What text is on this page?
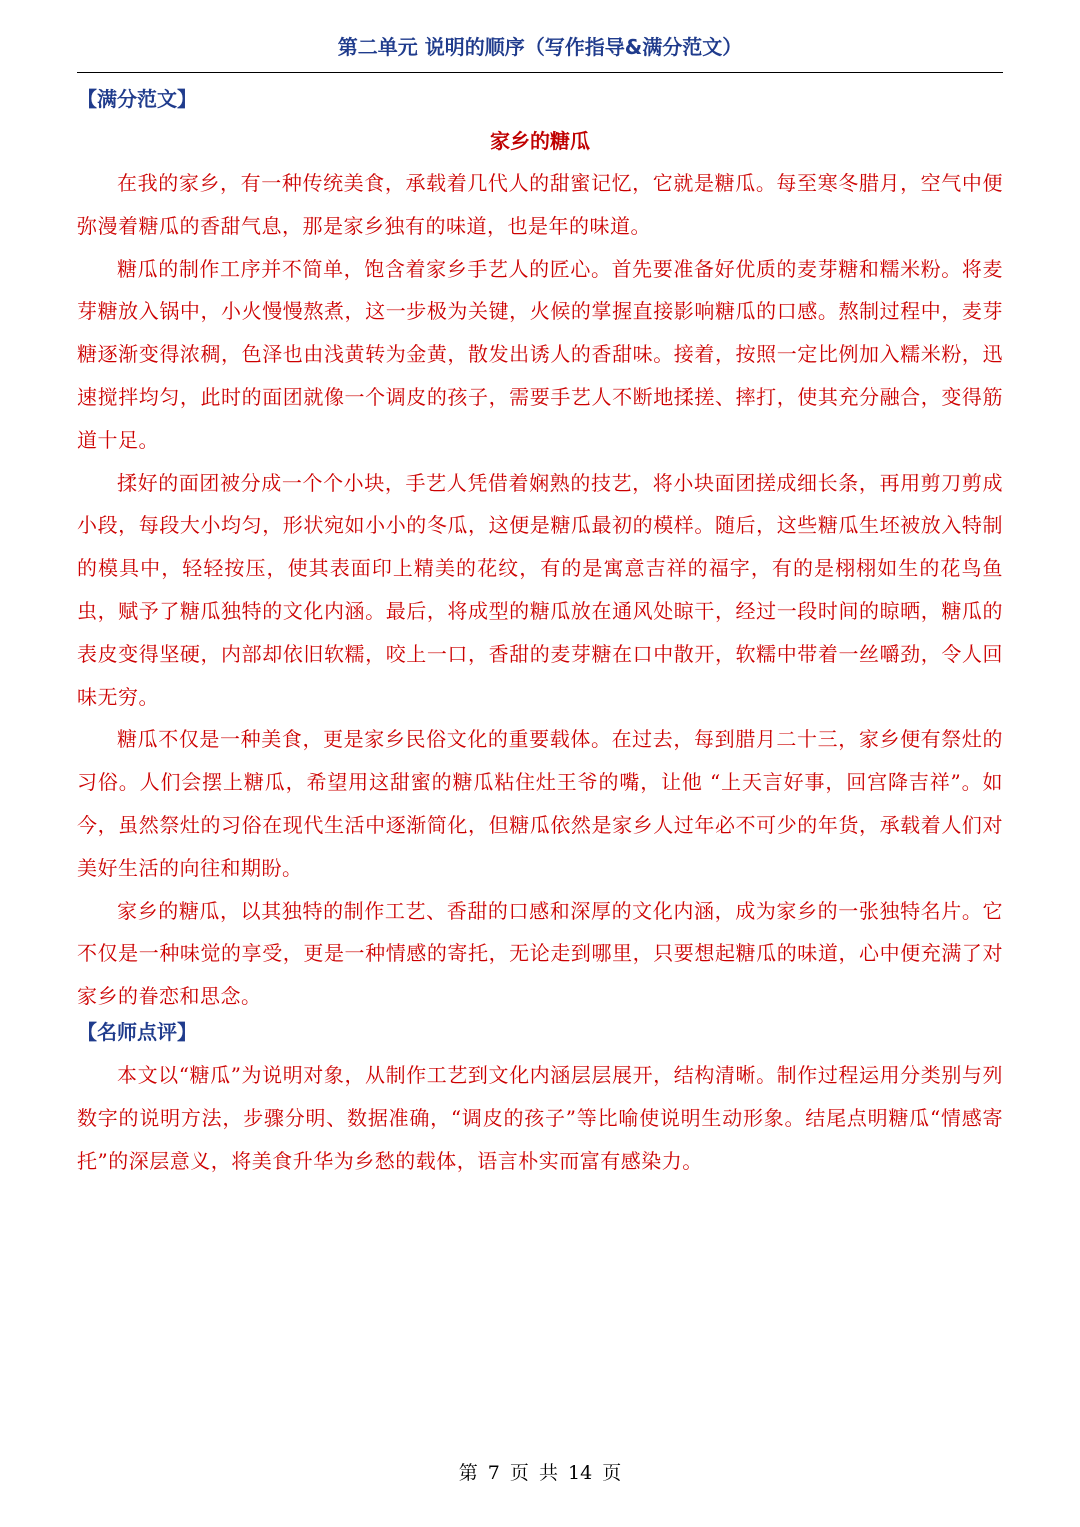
第二单元 说明的顺序（写作指导&满分范文）
【满分范文】
家乡的糖瓜

在我的家乡，有一种传统美食，承载着几代人的甜蜜记忆，它就是糖瓜。每至寒冬腊月，空气中便弥漫着糖瓜的香甜气息，那是家乡独有的味道，也是年的味道。

糖瓜的制作工序并不简单，饱含着家乡手艺人的匠心。首先要准备好优质的麦芽糖和糯米粉。将麦芽糖放入锅中，小火慢慢熬煮，这一步极为关键，火候的掌握直接影响糖瓜的口感。熬制过程中，麦芽糖逐渐变得浓稠，色泽也由浅黄转为金黄，散发出诱人的香甜味。接着，按照一定比例加入糯米粉，迅速搅拌均匀，此时的面团就像一个调皮的孩子，需要手艺人不断地揉搓、摔打，使其充分融合，变得筋道十足。

揉好的面团被分成一个个小块，手艺人凭借着娴熟的技艺，将小块面团搓成细长条，再用剪刀剪成小段，每段大小均匀，形状宛如小小的冬瓜，这便是糖瓜最初的模样。随后，这些糖瓜生坯被放入特制的模具中，轻轻按压，使其表面印上精美的花纹，有的是寓意吉祥的福字，有的是栩栩如生的花鸟鱼虫，赋予了糖瓜独特的文化内涵。最后，将成型的糖瓜放在通风处晾干，经过一段时间的晾晒，糖瓜的表皮变得坚硬，内部却依旧软糯，咬上一口，香甜的麦芽糖在口中散开，软糯中带着一丝嚼劲，令人回味无穷。

糖瓜不仅是一种美食，更是家乡民俗文化的重要载体。在过去，每到腊月二十三，家乡便有祭灶的习俗。人们会摆上糖瓜，希望用这甜蜜的糖瓜粘住灶王爷的嘴，让他 “上天言好事，回宫降吉祥”。如今，虽然祭灶的习俗在现代生活中逐渐简化，但糖瓜依然是家乡人过年必不可少的年货，承载着人们对美好生活的向往和期盼。

家乡的糖瓜，以其独特的制作工艺、香甜的口感和深厚的文化内涵，成为家乡的一张独特名片。它不仅是一种味觉的享受，更是一种情感的寄托，无论走到哪里，只要想起糖瓜的味道，心中便充满了对家乡的眷恋和思念。

【名师点评】

本文以“糖瓜”为说明对象，从制作工艺到文化内涵层层展开，结构清晰。制作过程运用分类别与列数字的说明方法，步骤分明、数据准确，“调皮的孩子”等比喻使说明生动形象。结尾点明糖瓜“情感寄托”的深层意义，将美食升华为乡愁的载体，语言朴实而富有感染力。

第 7 页 共 14 页
